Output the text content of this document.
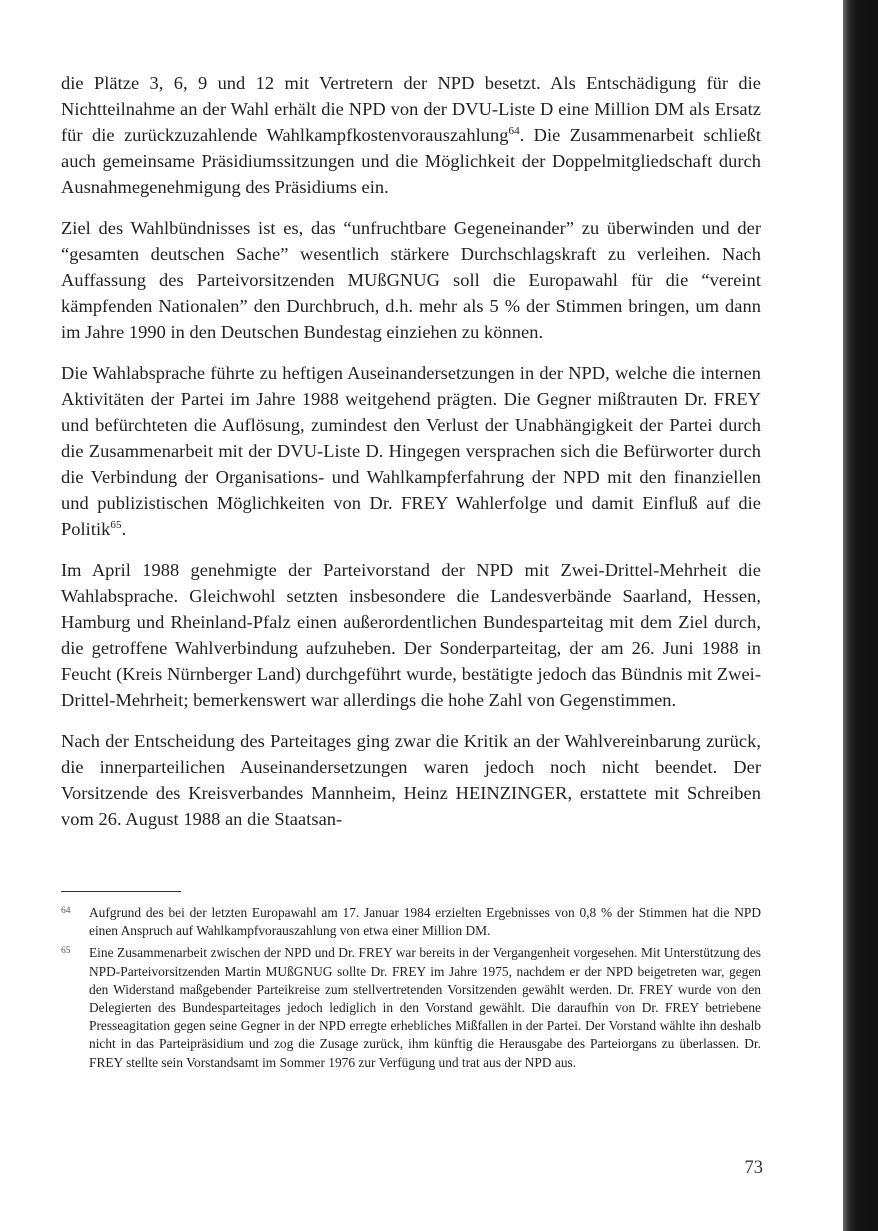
die Plätze 3, 6, 9 und 12 mit Vertretern der NPD besetzt. Als Entschädigung für die Nichtteilnahme an der Wahl erhält die NPD von der DVU-Liste D eine Million DM als Ersatz für die zurückzuzahlende Wahlkampfkostenvorauszahlung$^{64}$. Die Zusammenarbeit schließt auch gemeinsame Präsidiumssitzungen und die Möglichkeit der Doppelmitgliedschaft durch Ausnahmegenehmigung des Präsidiums ein.

Ziel des Wahlbündnisses ist es, das “unfruchtbare Gegeneinander” zu überwinden und der “gesamten deutschen Sache” wesentlich stärkere Durchschlagskraft zu verleihen. Nach Auffassung des Parteivorsitzenden MUßGNUG soll die Europawahl für die “vereint kämpfenden Nationalen” den Durchbruch, d.h. mehr als 5 % der Stimmen bringen, um dann im Jahre 1990 in den Deutschen Bundestag einziehen zu können.

Die Wahlabsprache führte zu heftigen Auseinandersetzungen in der NPD, welche die internen Aktivitäten der Partei im Jahre 1988 weitgehend prägten. Die Gegner mißtrauten Dr. FREY und befürchteten die Auflösung, zumindest den Verlust der Unabhängigkeit der Partei durch die Zusammenarbeit mit der DVU-Liste D. Hingegen versprachen sich die Befürworter durch die Verbindung der Organisations- und Wahlkampferfahrung der NPD mit den finanziellen und publizistischen Möglichkeiten von Dr. FREY Wahlerfolge und damit Einfluß auf die Politik$^{65}$.

Im April 1988 genehmigte der Parteivorstand der NPD mit Zwei-Drittel-Mehrheit die Wahlabsprache. Gleichwohl setzten insbesondere die Landesverbände Saarland, Hessen, Hamburg und Rheinland-Pfalz einen außerordentlichen Bundesparteitag mit dem Ziel durch, die getroffene Wahlverbindung aufzuheben. Der Sonderparteitag, der am 26. Juni 1988 in Feucht (Kreis Nürnberger Land) durchgeführt wurde, bestätigte jedoch das Bündnis mit Zwei-Drittel-Mehrheit; bemerkenswert war allerdings die hohe Zahl von Gegenstimmen.

Nach der Entscheidung des Parteitages ging zwar die Kritik an der Wahlvereinbarung zurück, die innerparteilichen Auseinandersetzungen waren jedoch noch nicht beendet. Der Vorsitzende des Kreisverbandes Mannheim, Heinz HEINZINGER, erstattete mit Schreiben vom 26. August 1988 an die Staatsan-

64 Aufgrund des bei der letzten Europawahl am 17. Januar 1984 erzielten Ergebnisses von 0,8 % der Stimmen hat die NPD einen Anspruch auf Wahlkampfvorauszahlung von etwa einer Million DM.
65 Eine Zusammenarbeit zwischen der NPD und Dr. FREY war bereits in der Vergangenheit vorgesehen. Mit Unterstützung des NPD-Parteivorsitzenden Martin MUßGNUG sollte Dr. FREY im Jahre 1975, nachdem er der NPD beigetreten war, gegen den Widerstand maßgebender Parteikreise zum stellvertretenden Vorsitzenden gewählt werden. Dr. FREY wurde von den Delegierten des Bundesparteitages jedoch lediglich in den Vorstand gewählt. Die daraufhin von Dr. FREY betriebene Presseagitation gegen seine Gegner in der NPD erregte erhebliches Mißfallen in der Partei. Der Vorstand wählte ihn deshalb nicht in das Parteipräsidium und zog die Zusage zurück, ihm künftig die Herausgabe des Parteiorgans zu überlassen. Dr. FREY stellte sein Vorstandsamt im Sommer 1976 zur Verfügung und trat aus der NPD aus.
73
